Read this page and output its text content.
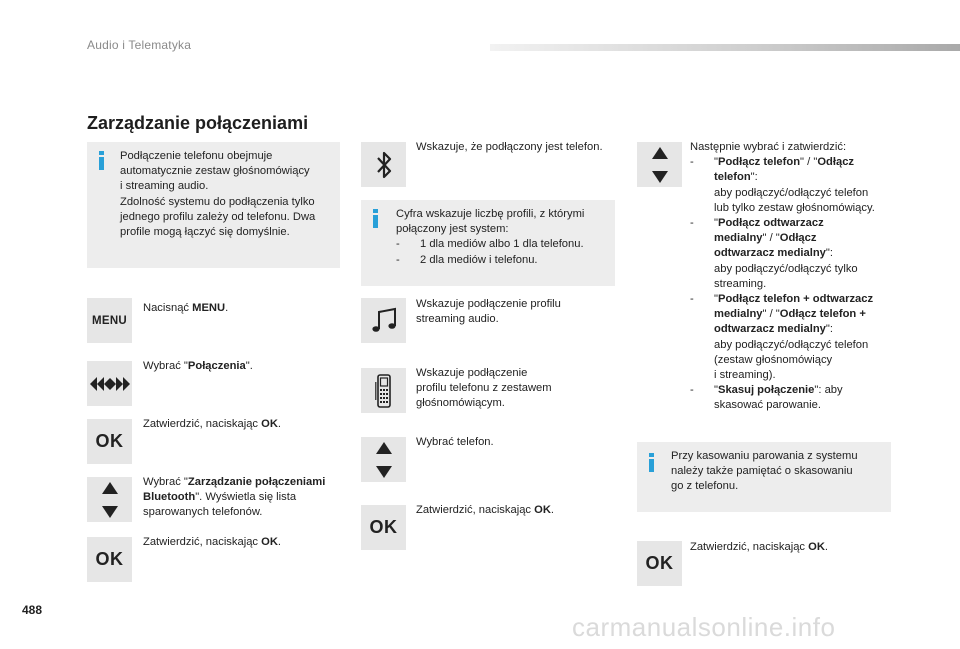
Audio i Telematyka
Zarządzanie połączeniami
Podłączenie telefonu obejmuje
automatycznie zestaw głośnomówiący
i streaming audio.
Zdolność systemu do podłączenia tylko
jednego profilu zależy od telefonu. Dwa
profile mogą łączyć się domyślnie.
MENU
Nacisnąć MENU.
Wybrać "Połączenia".
OK
Zatwierdzić, naciskając OK.
Wybrać "Zarządzanie połączeniami
Bluetooth". Wyświetla się lista
sparowanych telefonów.
OK
Zatwierdzić, naciskając OK.
Wskazuje, że podłączony jest telefon.
Cyfra wskazuje liczbę profili, z którymi
połączony jest system:
- 1 dla mediów albo 1 dla telefonu.
- 2 dla mediów i telefonu.
Wskazuje podłączenie profilu
streaming audio.
Wskazuje podłączenie
profilu telefonu z zestawem
głośnomówiącym.
Wybrać telefon.
OK
Zatwierdzić, naciskając OK.
Następnie wybrać i zatwierdzić:
- "Podłącz telefon" / "Odłącz
telefon":
aby podłączyć/odłączyć telefon
lub tylko zestaw głośnomówiący.
- "Podłącz odtwarzacz
medialny" / "Odłącz
odtwarzacz medialny":
aby podłączyć/odłączyć tylko
streaming.
- "Podłącz telefon + odtwarzacz
medialny" / "Odłącz telefon +
odtwarzacz medialny":
aby podłączyć/odłączyć telefon
(zestaw głośnomówiący
i streaming).
- "Skasuj połączenie": aby
skasować parowanie.
Przy kasowaniu parowania z systemu
należy także pamiętać o skasowaniu
go z telefonu.
OK
Zatwierdzić, naciskając OK.
488
carmanualsonline.info
